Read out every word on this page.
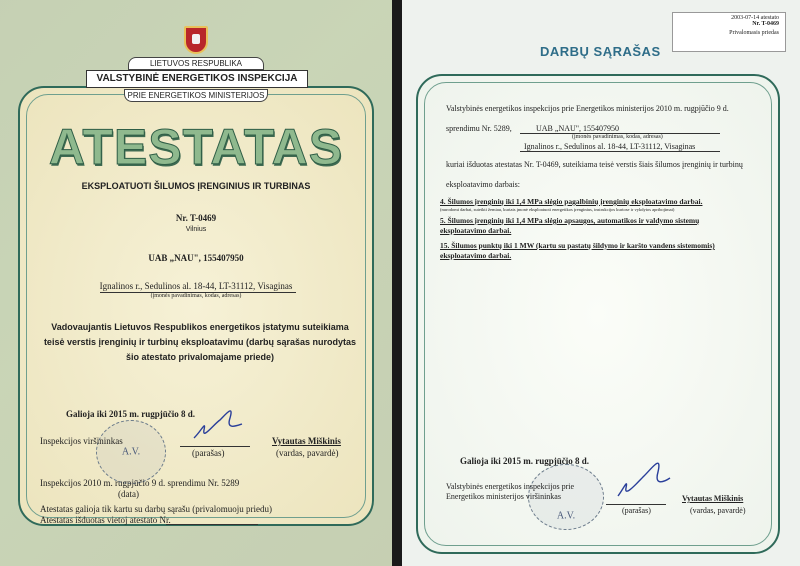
LIETUVOS RESPUBLIKA
VALSTYBINĖ ENERGETIKOS INSPEKCIJA
PRIE ENERGETIKOS MINISTERIJOS
ATESTATAS
EKSPLOATUOTI ŠILUMOS ĮRENGINIUS IR TURBINAS
Nr. T-0469
Vilnius
UAB „NAU", 155407950
Ignalinos r., Sedulinos al. 18-44, LT-31112, Visaginas
(įmonės pavadinimas, kodas, adresas)
Vadovaujantis Lietuvos Respublikos energetikos įstatymu suteikiama teisė verstis įrenginių ir turbinų eksploatavimu (darbų sąrašas nurodytas šio atestato privalomajame priede)
Galioja iki 2015 m. rugpjūčio 8 d.
A.V.
Inspekcijos viršininkas
(parašas)
Vytautas Miškinis
(vardas, pavardė)
Inspekcijos 2010 m. rugpjūčio 9 d. sprendimu Nr. 5289
(data)
Atestatas galioja tik kartu su darbų sąrašu (privalomuoju priedu)
Atestatas išduotas vietoj atestato Nr.
2003-07-14 atestato
Nr. T-0469
Privalomasis priedas
DARBŲ SĄRAŠAS
Valstybinės energetikos inspekcijos prie Energetikos ministerijos 2010 m. rugpjūčio 9 d.
sprendimu Nr. 5289,	UAB „NAU", 155407950
(įmonės pavadinimas, kodas, adresas)
Ignalinos r., Sedulinos al. 18-44, LT-31112, Visaginas
kuriai išduotas atestatas Nr. T-0469, suteikiama teisė verstis šiais šilumos įrenginių ir turbinų
eksploatavimo darbais:
4. Šilumos įrenginių iki 1,4 MPa slėgio pagalbinių įrenginių eksploatavimo darbai.
(nurodomi darbai, suteikti žemiau, kuriais įmonė eksploatuoti energetikos įrenginius, instrukcijos kuriose ir vykdytos apribojimai)
5. Šilumos įrenginių iki 1,4 MPa slėgio apsaugos, automatikos ir valdymo sistemų eksploatavimo darbai.
15. Šilumos punktų iki 1 MW (kartu su pastatų šildymo ir karšto vandens sistemomis) eksploatavimo darbai.
Galioja iki 2015 m. rugpjūčio 8 d.
A.V.
Valstybinės energetikos inspekcijos prie
Energetikos ministerijos viršininkas
(parašas)
Vytautas Miškinis
(vardas, pavardė)
